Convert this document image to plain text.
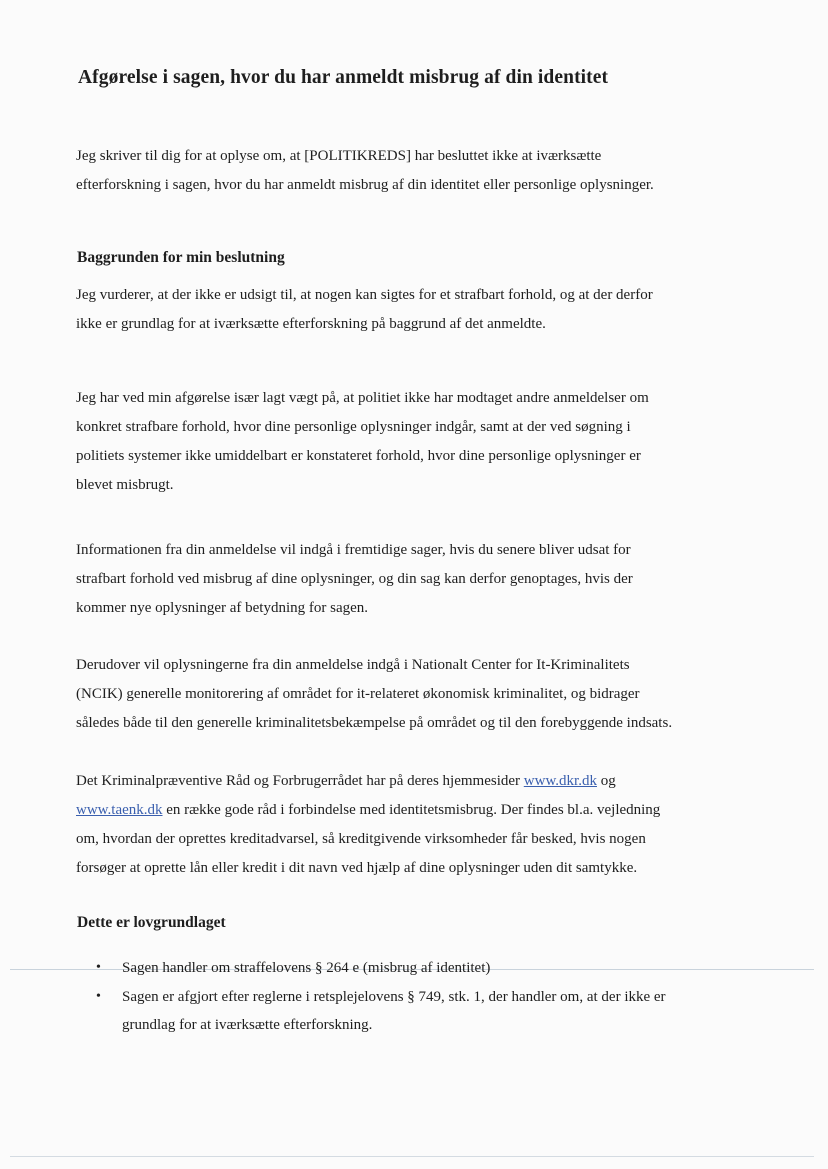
Afgørelse i sagen, hvor du har anmeldt misbrug af din identitet
Jeg skriver til dig for at oplyse om, at [POLITIKREDS] har besluttet ikke at iværksætte
efterforskning i sagen, hvor du har anmeldt misbrug af din identitet eller personlige oplysninger.
Baggrunden for min beslutning
Jeg vurderer, at der ikke er udsigt til, at nogen kan sigtes for et strafbart forhold, og at der derfor
ikke er grundlag for at iværksætte efterforskning på baggrund af det anmeldte.
Jeg har ved min afgørelse især lagt vægt på, at politiet ikke har modtaget andre anmeldelser om
konkret strafbare forhold, hvor dine personlige oplysninger indgår, samt at der ved søgning i
politiets systemer ikke umiddelbart er konstateret forhold, hvor dine personlige oplysninger er
blevet misbrugt.
Informationen fra din anmeldelse vil indgå i fremtidige sager, hvis du senere bliver udsat for
strafbart forhold ved misbrug af dine oplysninger, og din sag kan derfor genoptages, hvis der
kommer nye oplysninger af betydning for sagen.
Derudover vil oplysningerne fra din anmeldelse indgå i Nationalt Center for It-Kriminalitets
(NCIK) generelle monitorering af området for it-relateret økonomisk kriminalitet, og bidrager
således både til den generelle kriminalitetsbekæmpelse på området og til den forebyggende indsats.
Det Kriminalpræventive Råd og Forbrugerrådet har på deres hjemmesider www.dkr.dk og
www.taenk.dk en række gode råd i forbindelse med identitetsmisbrug. Der findes bl.a. vejledning
om, hvordan der oprettes kreditadvarsel, så kreditgivende virksomheder får besked, hvis nogen
forsøger at oprette lån eller kredit i dit navn ved hjælp af dine oplysninger uden dit samtykke.
Dette er lovgrundlaget
• Sagen handler om straffelovens § 264 e (misbrug af identitet)
• Sagen er afgjort efter reglerne i retsplejelovens § 749, stk. 1, der handler om, at der ikke er
grundlag for at iværksætte efterforskning.
